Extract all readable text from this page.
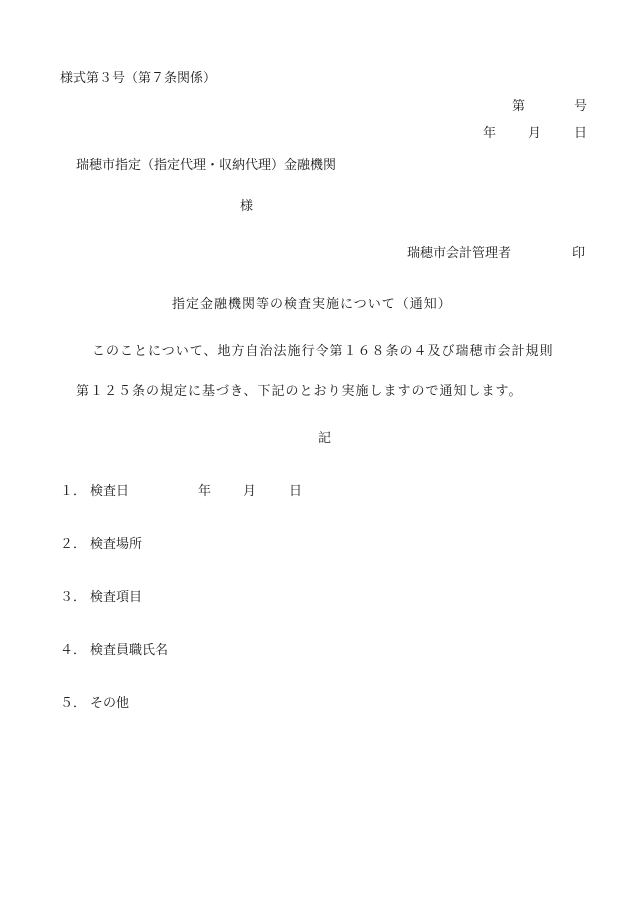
様式第３号（第７条関係）
第	号
年 月	日
瑞穂市指定（指定代理・収納代理）金融機関
様
瑞穂市会計管理者	印
指定金融機関等の検査実施について（通知）
このことについて、地方自治法施行令第１６８条の４及び瑞穂市会計規則
第１２５条の規定に基づき、下記のとおり実施しますので通知します。
記
１． 検査日	年 月	日
２． 検査場所
３． 検査項目
４． 検査員職氏名
５． その他
